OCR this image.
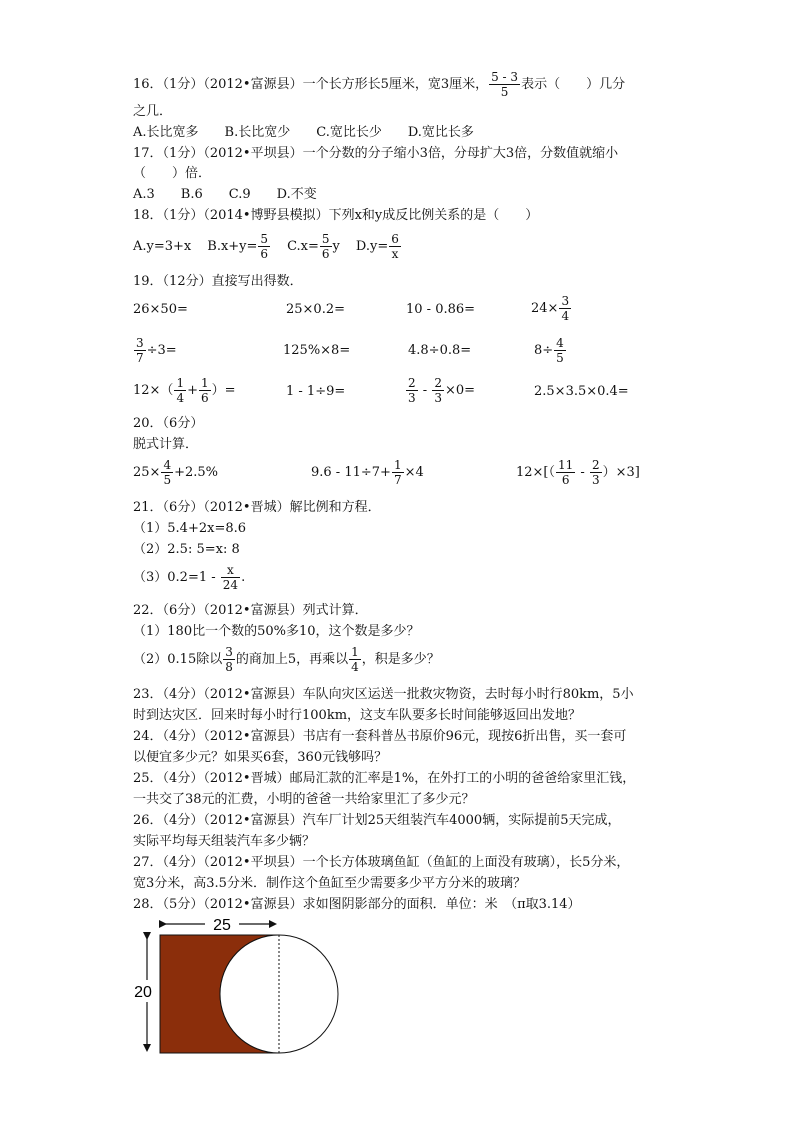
16．（1分）（2012•富源县）一个长方形长5厘米，宽3厘米， $\frac{5 - 3}{5}$ 表示（　　）几分
之几．
A.长比宽多　　B.长比宽少　　C.宽比长少　　D.宽比长多
17．（1分）（2012•平坝县）一个分数的分子缩小3倍，分母扩大3倍，分数值就缩小
（　　）倍．
A.3　　B.6　　C.9　　D.不变
18．（1分）（2014•博野县模拟）下列x和y成反比例关系的是（　　）
A.y=3+x $B.x+y= \frac{5}{6} C.x= \frac{5}{6}$ y $D.y= \frac{6}{x}$
19．（12分）直接写出得数．
26×50=	25×0.2=	10 - 0.86=	$24\times \frac{3}{4}$
$\frac{3}{7} \div 3=$	125%×8=	4.8÷0.8=	$8\div \frac{4}{5}$
$12\times( \frac{1}{4} + \frac{1}{6}$ ）=	1 - 1÷9=	$\frac{2}{3} - \frac{2}{3} \times 0=$	2.5×3.5×0.4=
20．（6分）
脱式计算．
$25\times \frac{4}{5} +2.5\%$	$9.6 - 11\div 7+ \frac{1}{7} \times 4$	$12\times[( \frac{11}{6} - \frac{2}{3} )\times 3]$
21．（6分）（2012•晋城）解比例和方程．
（1）5.4+2x=8.6
（2）2.5: 5=x: 8
$(3)0.2=1 - \frac{x}{24}$ .
22．（6分）（2012•富源县）列式计算．
（1）180比一个数的50%多10，这个数是多少？
（2）0.15除以 $\frac{3}{8}$ 的商加上5，再乘以 $\frac{1}{4}$ ，积是多少？
23．（4分）（2012•富源县）车队向灾区运送一批救灾物资，去时每小时行80km，5小
时到达灾区．回来时每小时行100km，这支车队要多长时间能够返回出发地？
24．（4分）（2012•富源县）书店有一套科普丛书原价96元，现按6折出售，买一套可
以便宜多少元？如果买6套，360元钱够吗？
25．（4分）（2012•晋城）邮局汇款的汇率是1%，在外打工的小明的爸爸给家里汇钱，
一共交了38元的汇费，小明的爸爸一共给家里汇了多少元？
26．（4分）（2012•富源县）汽车厂计划25天组装汽车4000辆，实际提前5天完成，
实际平均每天组装汽车多少辆？
27．（4分）（2012•平坝县）一个长方体玻璃鱼缸（鱼缸的上面没有玻璃），长5分米，
宽3分米，高3.5分米．制作这个鱼缸至少需要多少平方分米的玻璃？
28．（5分）（2012•富源县）求如图阴影部分的面积．单位：米　（π取3.14）
25
20
